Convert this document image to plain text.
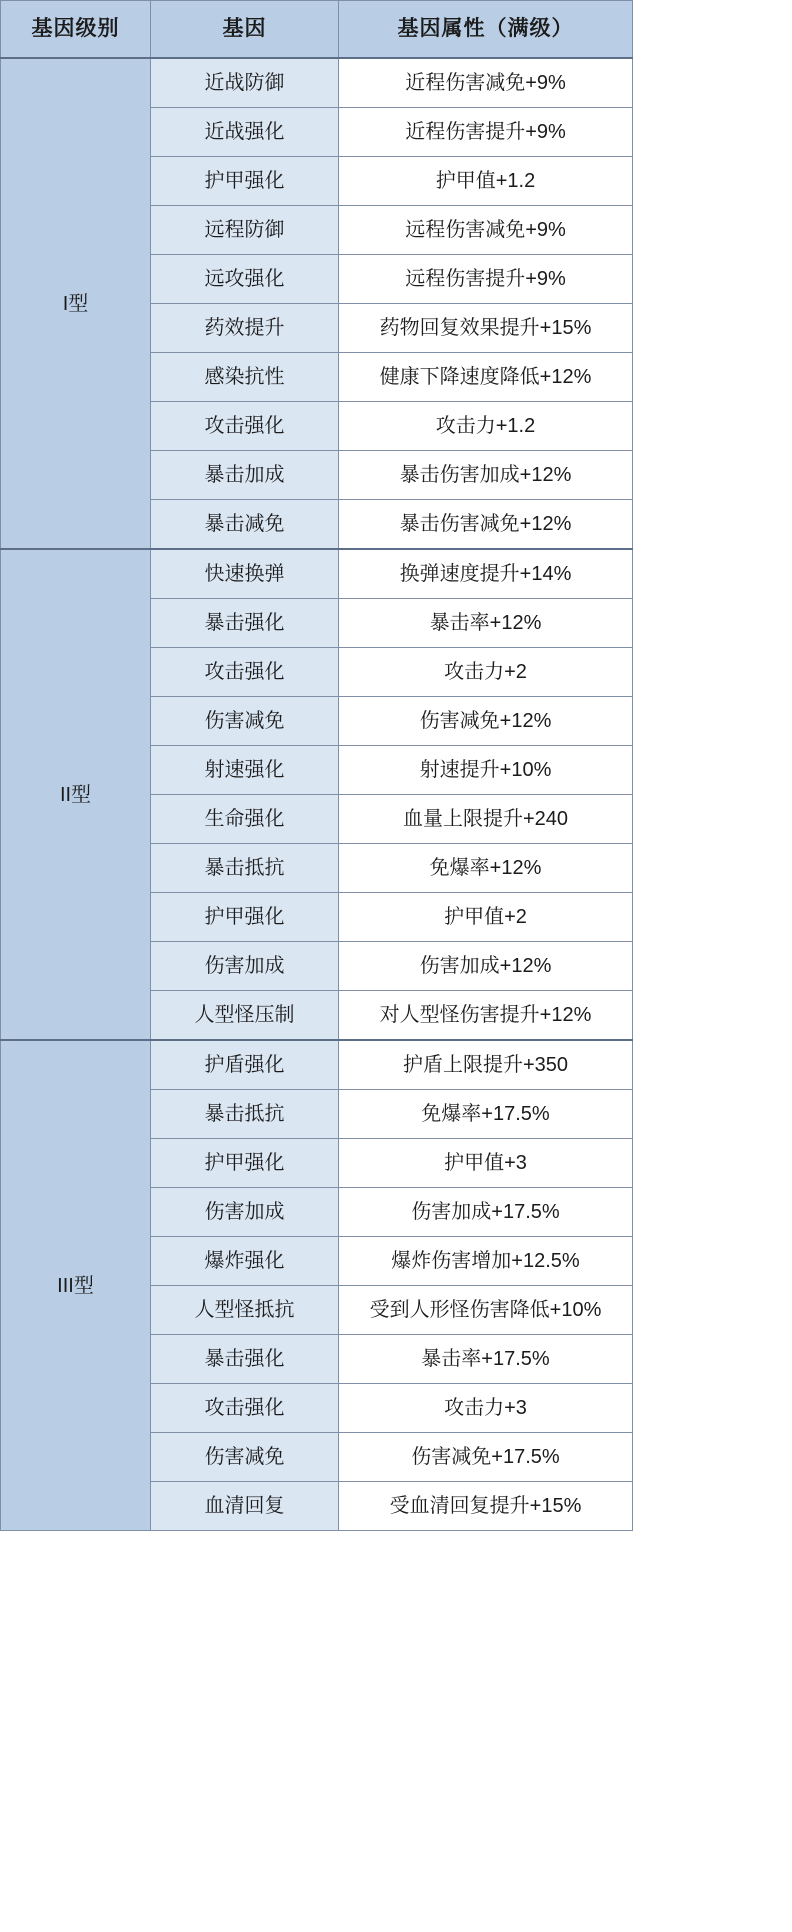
基因级别	基因	基因属性（满级）
I型	近战防御	近程伤害减免+9%
	近战强化	近程伤害提升+9%
	护甲强化	护甲值+1.2
	远程防御	远程伤害减免+9%
	远攻强化	远程伤害提升+9%
	药效提升	药物回复效果提升+15%
	感染抗性	健康下降速度降低+12%
	攻击强化	攻击力+1.2
	暴击加成	暴击伤害加成+12%
	暴击减免	暴击伤害减免+12%
II型	快速换弹	换弹速度提升+14%
	暴击强化	暴击率+12%
	攻击强化	攻击力+2
	伤害减免	伤害减免+12%
	射速强化	射速提升+10%
	生命强化	血量上限提升+240
	暴击抵抗	免爆率+12%
	护甲强化	护甲值+2
	伤害加成	伤害加成+12%
	人型怪压制	对人型怪伤害提升+12%
III型	护盾强化	护盾上限提升+350
	暴击抵抗	免爆率+17.5%
	护甲强化	护甲值+3
	伤害加成	伤害加成+17.5%
	爆炸强化	爆炸伤害增加+12.5%
	人型怪抵抗	受到人形怪伤害降低+10%
	暴击强化	暴击率+17.5%
	攻击强化	攻击力+3
	伤害减免	伤害减免+17.5%
	血清回复	受血清回复提升+15%
